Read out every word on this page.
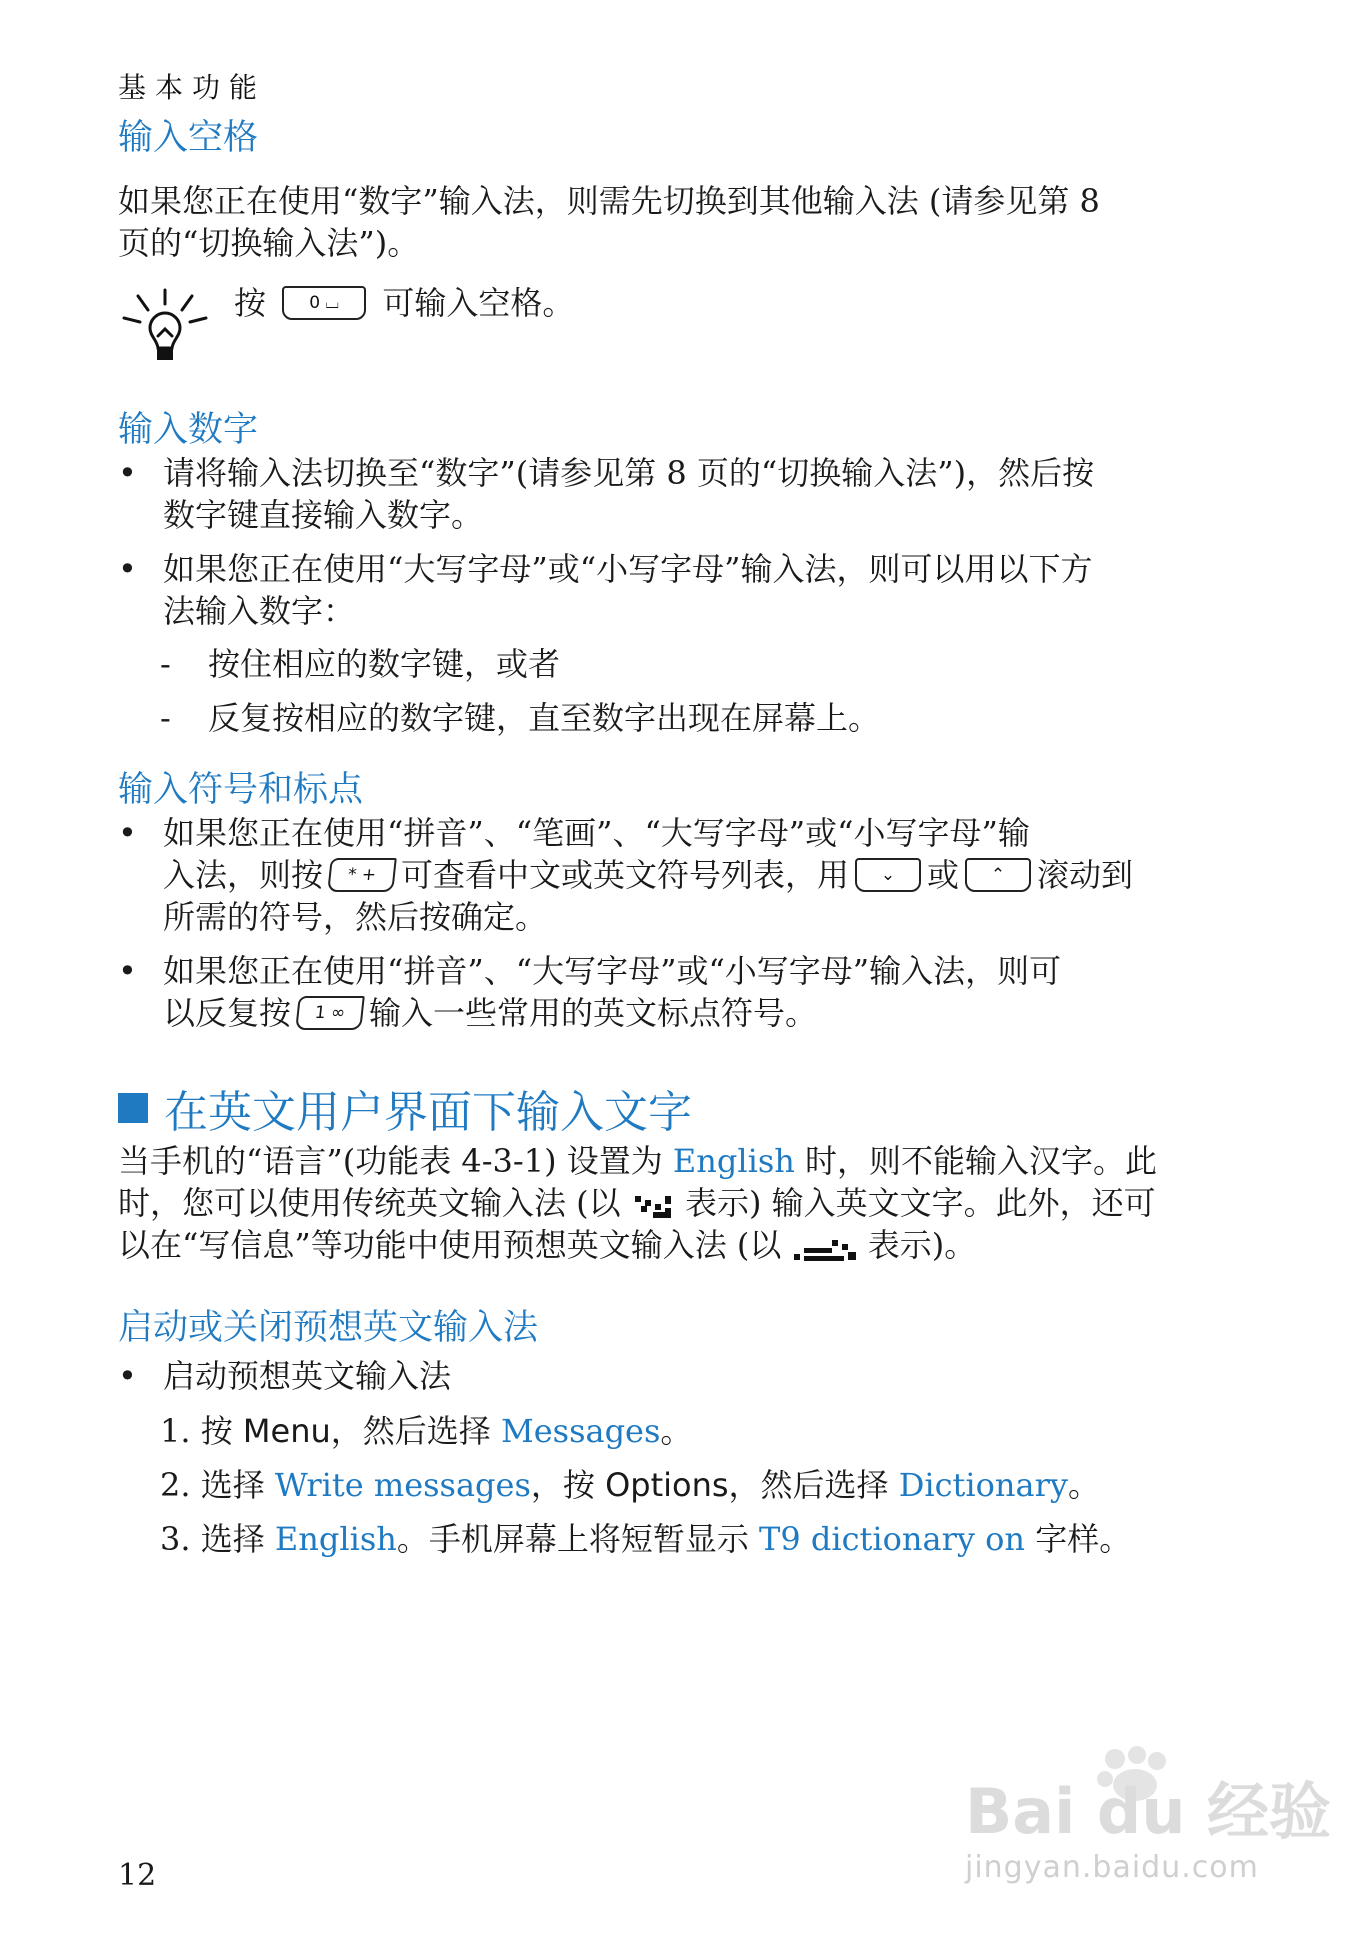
基本功能
输入空格
如果您正在使用“数字”输入法，则需先切换到其他输入法 (请参见第 8
页的“切换输入法”)。
按	0 ⌴ 可输入空格。
输入数字
• 请将输入法切换至“数字”(请参见第 8 页的“切换输入法”)，然后按
数字键直接输入数字。
• 如果您正在使用“大写字母”或“小写字母”输入法，则可以用以下方
法输入数字：
- 按住相应的数字键，或者
- 反复按相应的数字键，直至数字出现在屏幕上。
输入符号和标点
• 如果您正在使用“拼音”、“笔画”、“大写字母”或“小写字母”输
入法，则按 * + 可查看中文或英文符号列表，用 ⌄ 或 ⌃ 滚动到
所需的符号，然后按确定。
• 如果您正在使用“拼音”、“大写字母”或“小写字母”输入法，则可
以反复按 1 ∞ 输入一些常用的英文标点符号。
在英文用户界面下输入文字
当手机的“语言”(功能表 4-3-1) 设置为 English 时，则不能输入汉字。此
时，您可以使用传统英文输入法 (以 表示) 输入英文文字。此外，还可
以在“写信息”等功能中使用预想英文输入法 (以	表示)。
启动或关闭预想英文输入法
• 启动预想英文输入法
1. 按 Menu，然后选择 Messages。
2. 选择 Write messages，按 Options，然后选择 Dictionary。
3. 选择 English。手机屏幕上将短暂显示 T9 dictionary on 字样。
12
Bai du 经验
jingyan.baidu.com
